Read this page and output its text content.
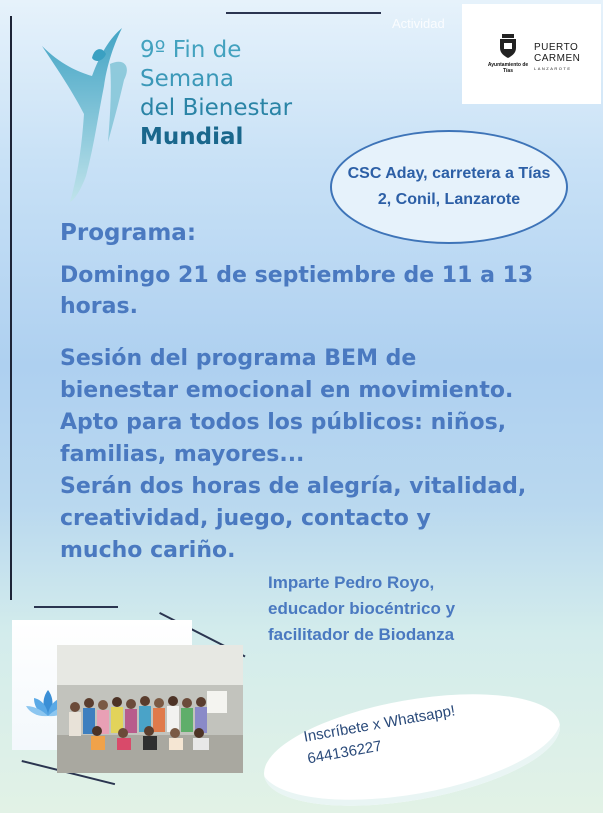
9º Fin de
Semana
del Bienestar
Mundial
Actividad
Ayuntamiento de Tías
PUERTO
CARMEN
LANZAROTE
CSC Aday, carretera a Tías 2, Conil, Lanzarote
Programa:
Domingo 21 de septiembre de 11 a 13 horas.
Sesión del programa BEM de
bienestar emocional en movimiento.
Apto para todos los públicos: niños,
familias, mayores...
Serán dos horas de alegría, vitalidad,
creatividad, juego, contacto y
mucho cariño.
Imparte Pedro Royo,
educador biocéntrico y
facilitador de Biodanza
Inscríbete x Whatsapp!
644136227
